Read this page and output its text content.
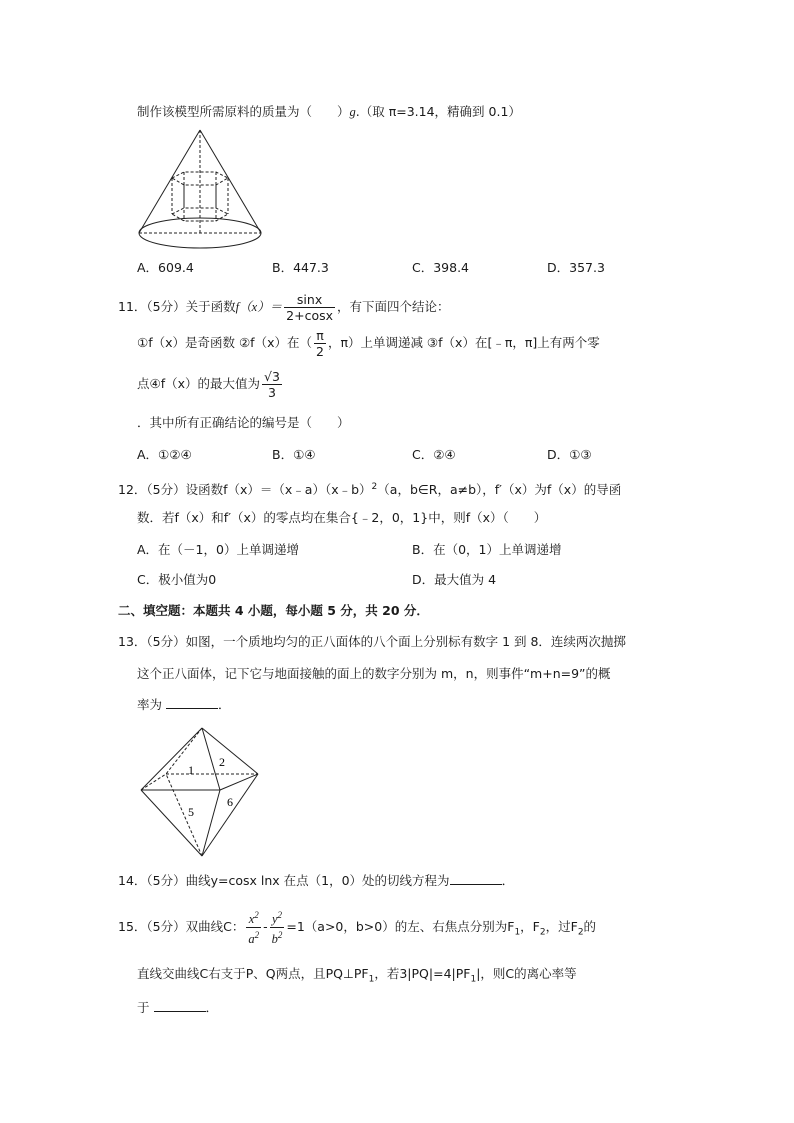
制作该模型所需原料的质量为（　　）g.（取 π=3.14，精确到 0.1）
A．609.4	B．447.3	C．398.4	D．357.3
11．（5分）关于函数$f(x)= \frac{\sin x}{2+\cos x}$ ，有下面四个结论：
①f（x）是奇函数 ②f（x）在（ $\frac{\pi}{2}$ ，π）上单调递减 ③f（x）在[﹣π，π]上有两个零
点④f（x）的最大值为 $\frac{√3}{3}$
．其中所有正确结论的编号是（　　）
A．①②④	B．①④	C．②④	D．①③
12．（5分）设函数f（x）＝（x﹣a）（x﹣b）$^2$（a，b∈R，a≠b），f′（x）为f（x）的导函
数．若f（x）和f′（x）的零点均在集合{﹣2，0，1}中，则f（x）（　　）
A．在（－1，0）上单调递增	B．在（0，1）上单调递增
C．极小值为0	D．最大值为 4
二、填空题：本题共 4 小题，每小题 5 分，共 20 分．
13．（5分）如图，一个质地均匀的正八面体的八个面上分别标有数字 1 到 8．连续两次抛掷
这个正八面体，记下它与地面接触的面上的数字分别为 m，n，则事件“m+n=9”的概
率为	．
1
2
5
6
14．（5分）曲线y=cosx lnx 在点（1，0）处的切线方程为	．
15．（5分）双曲线C： $\frac{x^2}{a^2} - \frac{y^2}{b^2} =1(a>0$，b>0）的左、右焦点分别为$F_1$，$F_2$，过$F_2$的
直线交曲线C右支于P、Q两点，且$PQ\perp PF_1$，若$3|PQ|=4|PF_1|$，则C的离心率等
于	．
